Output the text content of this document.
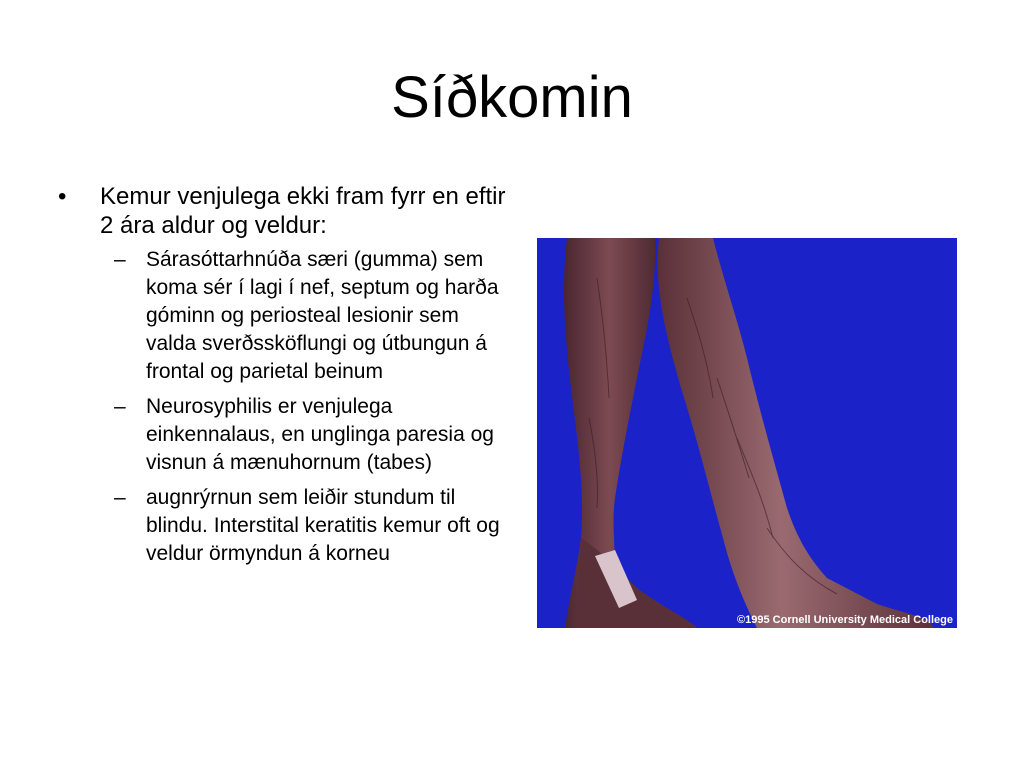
Síðkomin
•	Kemur venjulega ekki fram fyrr en eftir 2 ára aldur og veldur:
– Sárasóttarhnúða særi (gumma) sem koma sér í lagi í nef, septum og harða góminn og periosteal lesionir sem valda sverðssköflungi og útbungun á frontal og parietal beinum
– Neurosyphilis er venjulega einkennalaus, en unglinga paresia og visnun á mænuhornum (tabes)
– augnrýrnun sem leiðir stundum til blindu. Interstital keratitis kemur oft og veldur örmyndun á korneu
©1995 Cornell University Medical College
